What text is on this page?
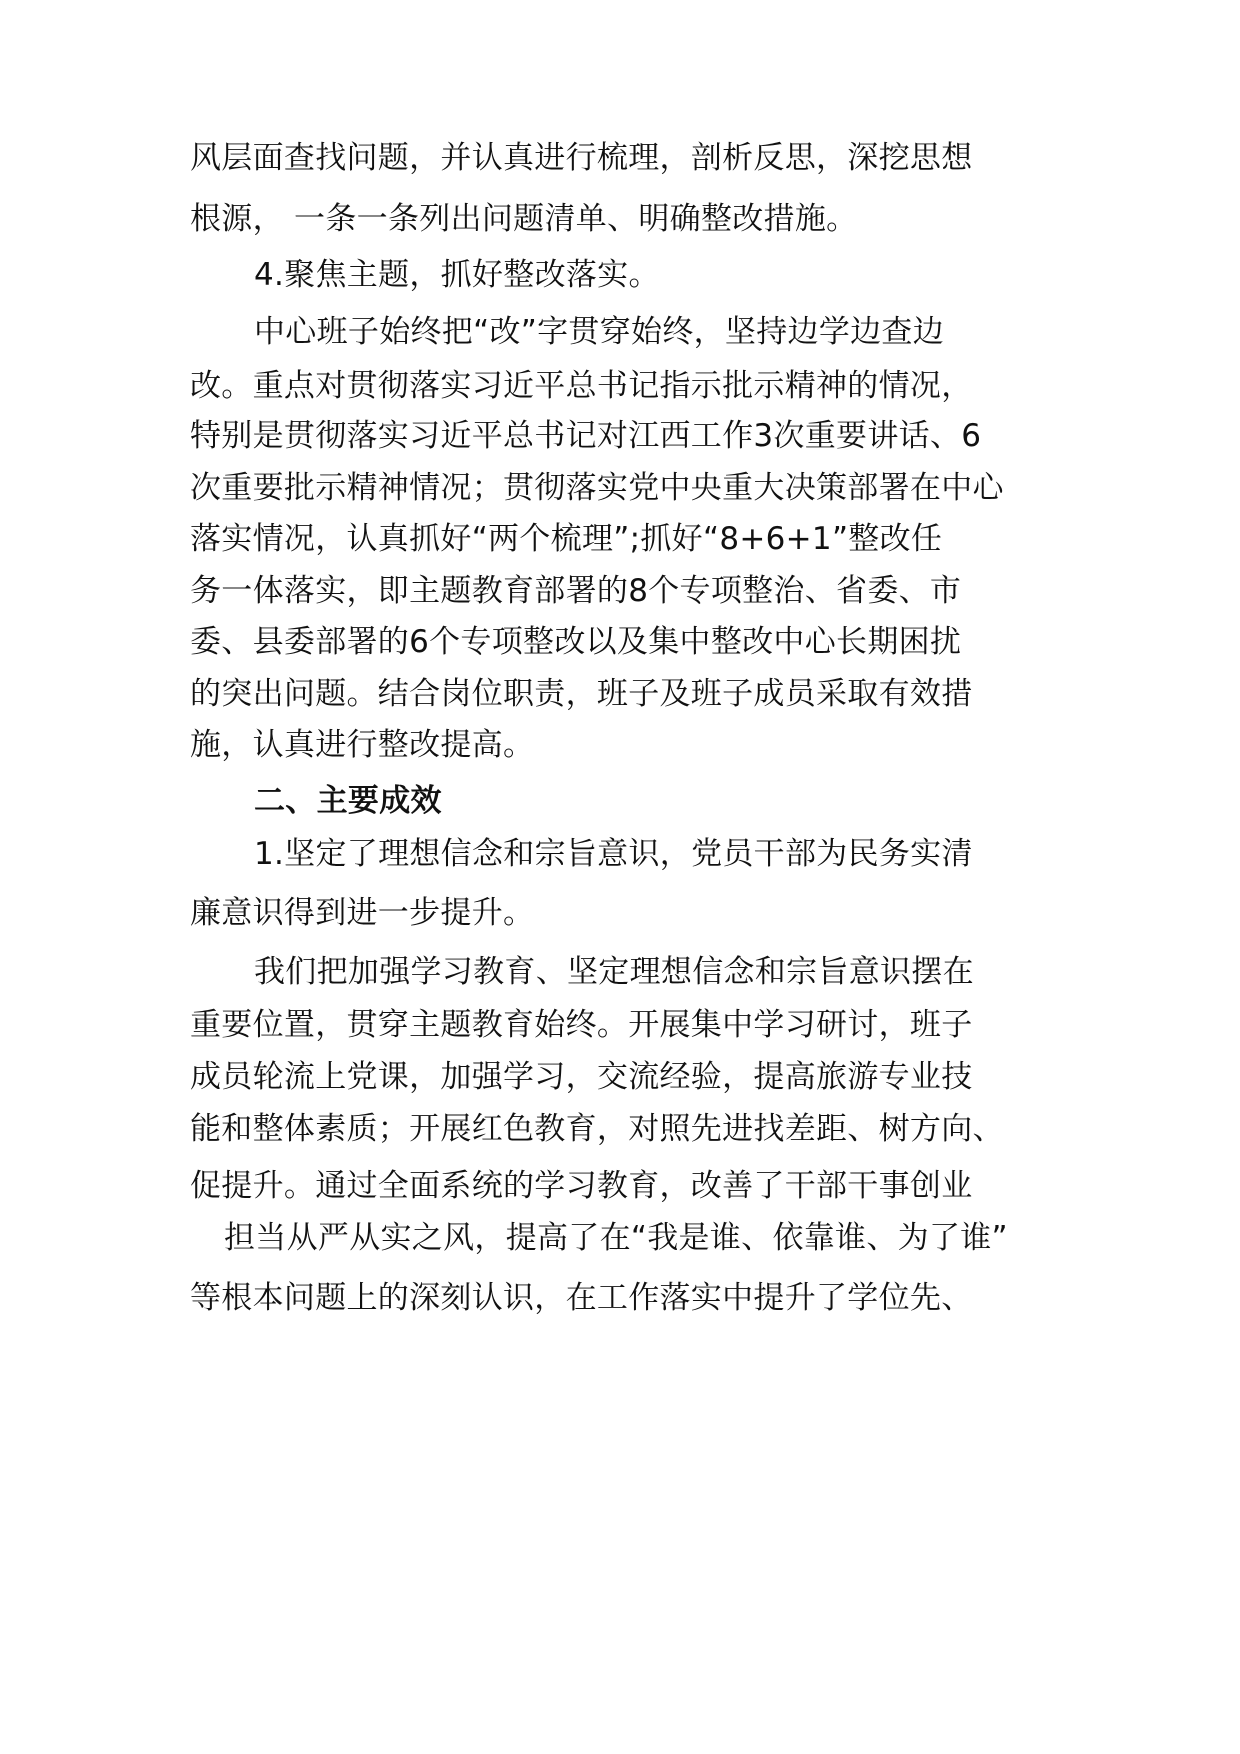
风层面查找问题，并认真进行梳理，剖析反思，深挖思想
根源， 一条一条列出问题清单、明确整改措施。
4.聚焦主题，抓好整改落实。
中心班子始终把“改”字贯穿始终，坚持边学边查边
改。重点对贯彻落实习近平总书记指示批示精神的情况，
特别是贯彻落实习近平总书记对江西工作3次重要讲话、6
次重要批示精神情况；贯彻落实党中央重大决策部署在中心
落实情况，认真抓好“两个梳理”;抓好“8+6+1”整改任
务一体落实，即主题教育部署的8个专项整治、省委、市
委、县委部署的6个专项整改以及集中整改中心长期困扰
的突出问题。结合岗位职责，班子及班子成员采取有效措
施，认真进行整改提高。
二、主要成效
1.坚定了理想信念和宗旨意识，党员干部为民务实清
廉意识得到进一步提升。
我们把加强学习教育、坚定理想信念和宗旨意识摆在
重要位置，贯穿主题教育始终。开展集中学习研讨，班子
成员轮流上党课，加强学习，交流经验，提高旅游专业技
能和整体素质；开展红色教育，对照先进找差距、树方向、
促提升。通过全面系统的学习教育，改善了干部干事创业
担当从严从实之风，提高了在“我是谁、依靠谁、为了谁”
等根本问题上的深刻认识，在工作落实中提升了学位先、
